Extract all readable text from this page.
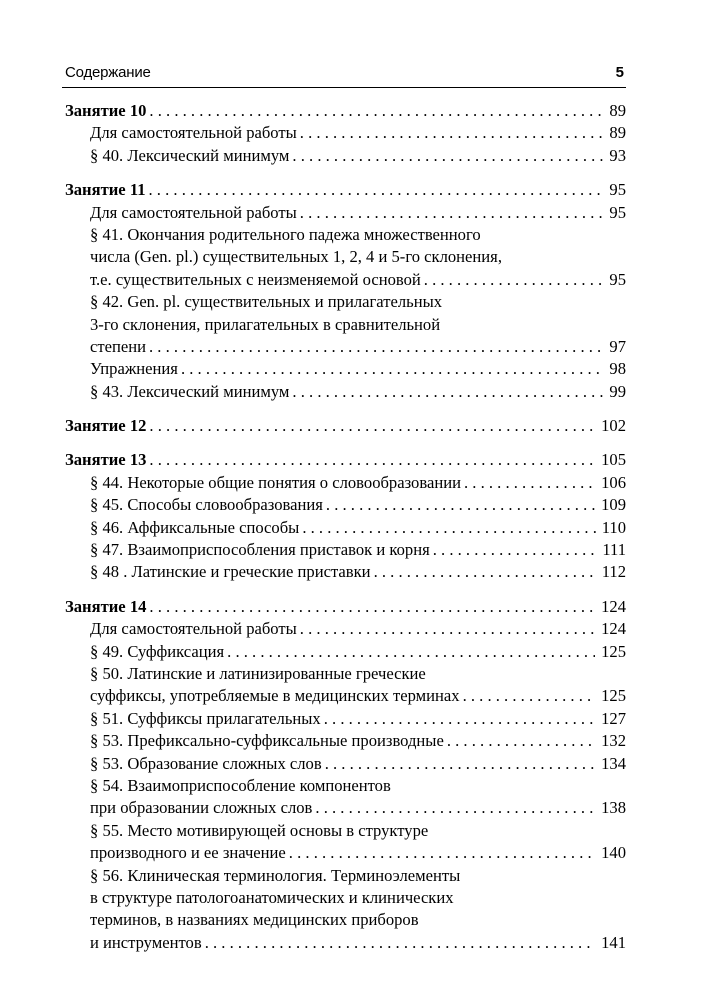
Содержание	5
Занятие 10 . . .	89
Для самостоятельной работы . . .	89
§ 40. Лексический минимум . . .	93
Занятие 11 . . .	95
Для самостоятельной работы . . .	95
§ 41. Окончания родительного падежа множественного
числа (Gen. pl.) существительных 1, 2, 4 и 5-го склонения,
т.е. существительных с неизменяемой основой . . .	95
§ 42. Gen. pl. существительных и прилагательных
3-го склонения, прилагательных в сравнительной
степени . . .	97
Упражнения . . .	98
§ 43. Лексический минимум . . .	99
Занятие 12 . . .	102
Занятие 13 . . .	105
§ 44. Некоторые общие понятия о словообразовании . . .	106
§ 45. Способы словообразования . . .	109
§ 46. Аффиксальные способы . . .	110
§ 47. Взаимоприспособления приставок и корня . . .	111
§ 48 . Латинские и греческие приставки . . .	112
Занятие 14 . . .	124
Для самостоятельной работы . . .	124
§ 49. Суффиксация . . .	125
§ 50. Латинские и латинизированные греческие
суффиксы, употребляемые в медицинских терминах . . .	125
§ 51. Суффиксы прилагательных . . .	127
§ 53. Префиксально-суффиксальные производные . . .	132
§ 53. Образование сложных слов . . .	134
§ 54. Взаимоприспособление компонентов
при образовании сложных слов . . .	138
§ 55. Место мотивирующей основы в структуре
производного и ее значение . . .	140
§ 56. Клиническая терминология. Терминоэлементы
в структуре патологоанатомических и клинических
терминов, в названиях медицинских приборов
и инструментов . . .	141
